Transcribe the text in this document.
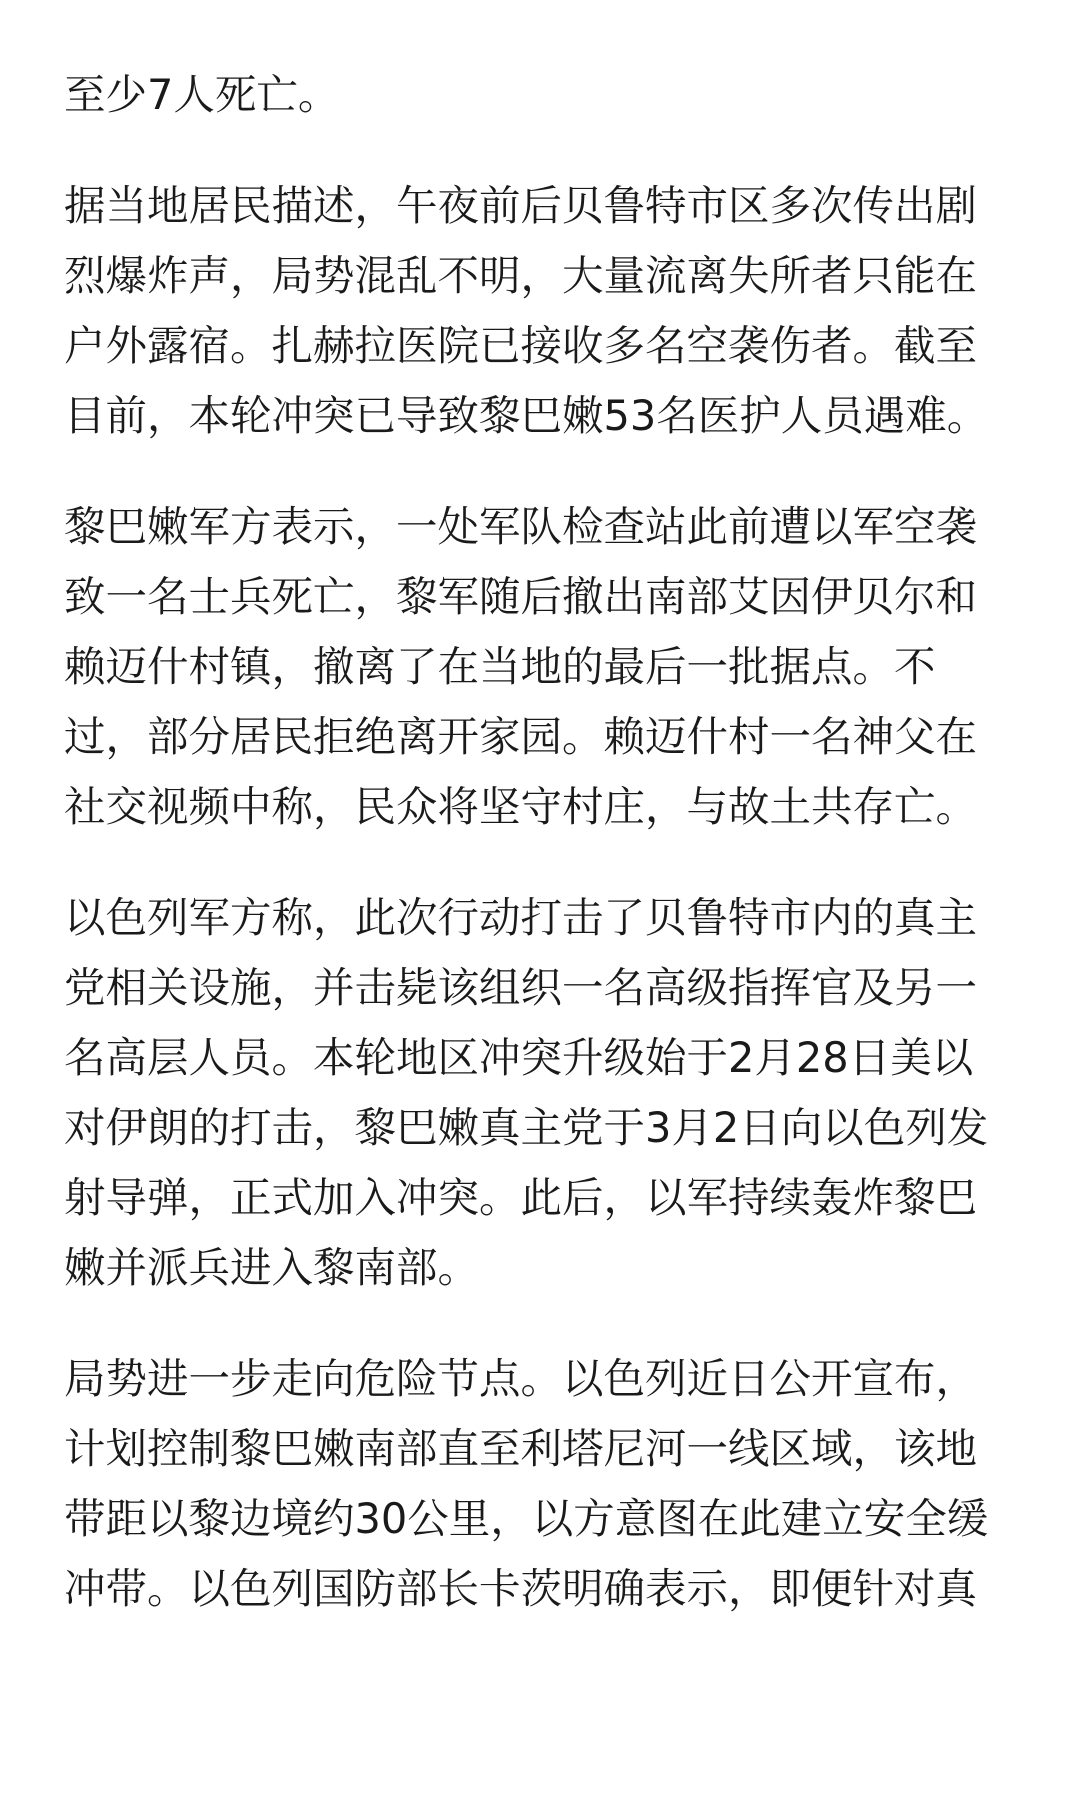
至少7人死亡。

据当地居民描述，午夜前后贝鲁特市区多次传出剧
烈爆炸声，局势混乱不明，大量流离失所者只能在
户外露宿。扎赫拉医院已接收多名空袭伤者。截至
目前，本轮冲突已导致黎巴嫩53名医护人员遇难。

黎巴嫩军方表示，一处军队检查站此前遭以军空袭
致一名士兵死亡，黎军随后撤出南部艾因伊贝尔和
赖迈什村镇，撤离了在当地的最后一批据点。不
过，部分居民拒绝离开家园。赖迈什村一名神父在
社交视频中称，民众将坚守村庄，与故土共存亡。

以色列军方称，此次行动打击了贝鲁特市内的真主
党相关设施，并击毙该组织一名高级指挥官及另一
名高层人员。本轮地区冲突升级始于2月28日美以
对伊朗的打击，黎巴嫩真主党于3月2日向以色列发
射导弹，正式加入冲突。此后，以军持续轰炸黎巴
嫩并派兵进入黎南部。

局势进一步走向危险节点。以色列近日公开宣布，
计划控制黎巴嫩南部直至利塔尼河一线区域，该地
带距以黎边境约30公里，以方意图在此建立安全缓
冲带。以色列国防部长卡茨明确表示，即便针对真
